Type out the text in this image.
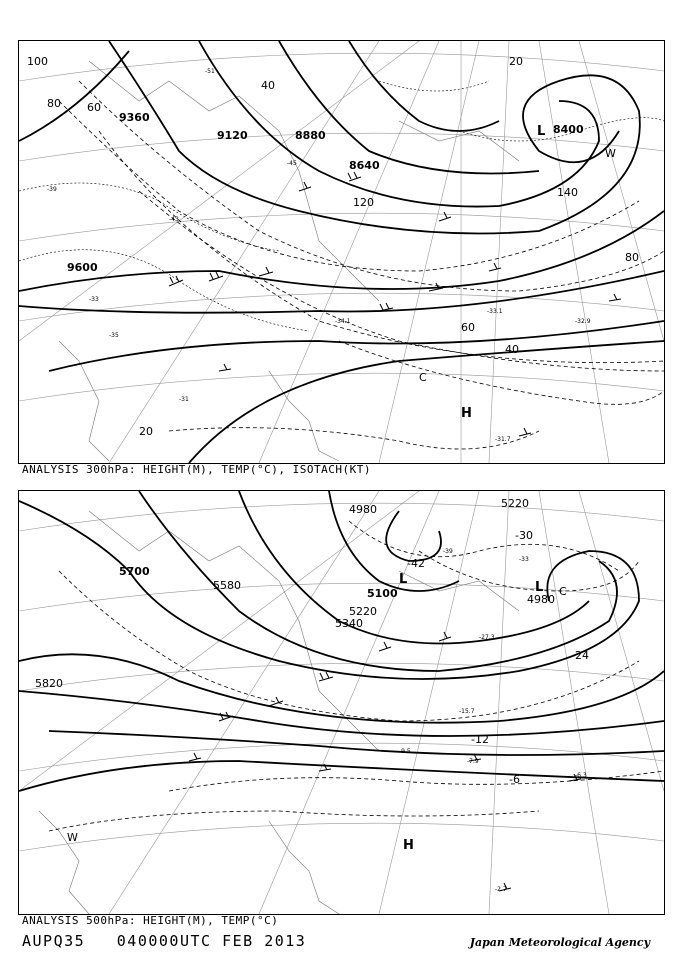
9360
9120	8880
8640
8400
9600
100
80 60
40
20
120
140
80
60
40
20
-33
-35
-39
-43
-45
-51
-31
-34.1
-33.1
-32.9
-31.7
L
H
C
W
ANALYSIS 300hPa: HEIGHT(M), TEMP(°C), ISOTACH(KT)
5700
5580
5340
5220
5100
4980	5220
4980
5820
-30
-42
-24
-12
-6
-39
-33
-27.3
-15.7
-9.5
-7.9
-6.3
-2.7
L
L
H
C
W
ANALYSIS 500hPa: HEIGHT(M), TEMP(°C)
AUPQ35 040000UTC FEB 2013	Japan Meteorological Agency
